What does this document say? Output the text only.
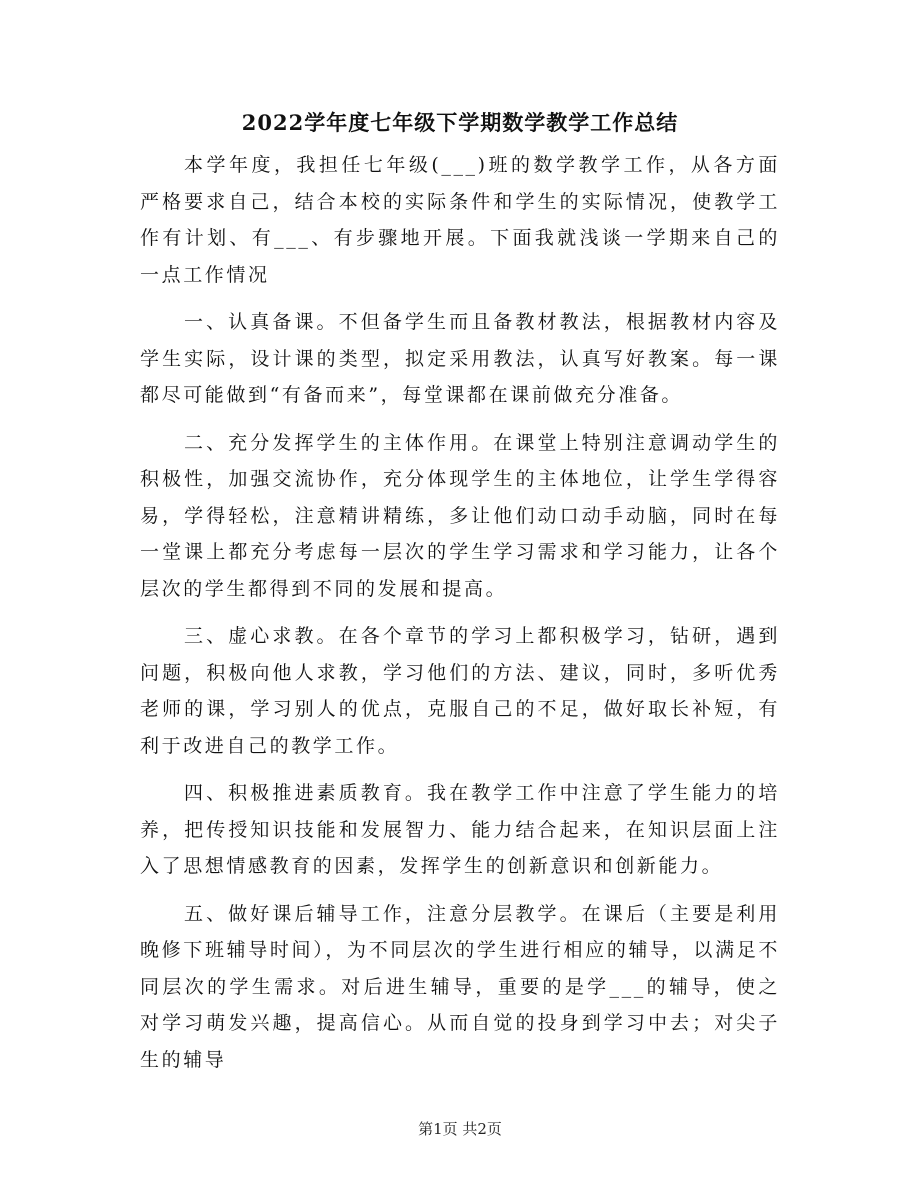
2022学年度七年级下学期数学教学工作总结

本学年度，我担任七年级(___)班的数学教学工作，从各方面严格要求自己，结合本校的实际条件和学生的实际情况，使教学工作有计划、有___、有步骤地开展。下面我就浅谈一学期来自己的一点工作情况

一、认真备课。不但备学生而且备教材教法，根据教材内容及学生实际，设计课的类型，拟定采用教法，认真写好教案。每一课都尽可能做到“有备而来”，每堂课都在课前做充分准备。

二、充分发挥学生的主体作用。在课堂上特别注意调动学生的积极性，加强交流协作，充分体现学生的主体地位，让学生学得容易，学得轻松，注意精讲精练，多让他们动口动手动脑，同时在每一堂课上都充分考虑每一层次的学生学习需求和学习能力，让各个层次的学生都得到不同的发展和提高。

三、虚心求教。在各个章节的学习上都积极学习，钻研，遇到问题，积极向他人求教，学习他们的方法、建议，同时，多听优秀老师的课，学习别人的优点，克服自己的不足，做好取长补短，有利于改进自己的教学工作。

四、积极推进素质教育。我在教学工作中注意了学生能力的培养，把传授知识技能和发展智力、能力结合起来，在知识层面上注入了思想情感教育的因素，发挥学生的创新意识和创新能力。

五、做好课后辅导工作，注意分层教学。在课后（主要是利用晚修下班辅导时间），为不同层次的学生进行相应的辅导，以满足不同层次的学生需求。对后进生辅导，重要的是学___的辅导，使之对学习萌发兴趣，提高信心。从而自觉的投身到学习中去；对尖子生的辅导

第1页 共2页
